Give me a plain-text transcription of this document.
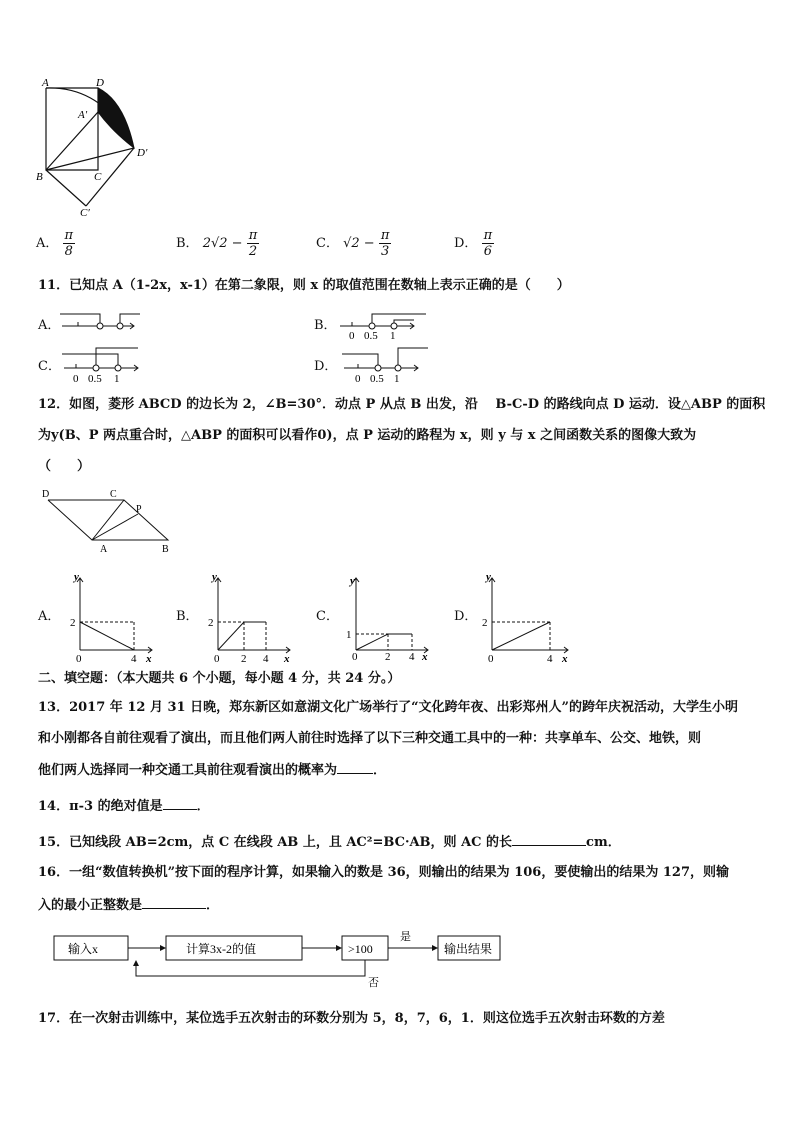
A	D
A′
D′
B	C
C′
A． $\frac{\pi}{8}$	B． $2√2 - \frac{\pi}{2}$	C． $√2 - \frac{\pi}{3}$	D． $\frac{\pi}{6}$
11．已知点 A（1-2x，x-1）在第二象限，则 x 的取值范围在数轴上表示正确的是（　　）
A．	B．
0 0.5 1
C．
0 0.5 1
D．
0 0.5 1
12．如图，菱形 ABCD 的边长为 2，∠B=30°．动点 P 从点 B 出发，沿　 B-C-D 的路线向点 D 运动．设△ABP 的面积
为y(B、P 两点重合时，△ABP 的面积可以看作0)，点 P 运动的路程为 x，则 y 与 x 之间函数关系的图像大致为
（　　）
D	C
P
A	B
A．
y
x
0
2
4
B．
y
x
0
2
2 4
C．
y
x
0
1
2 4
D．
y
x
0
2
4
二、填空题：（本大题共 6 个小题，每小题 4 分，共 24 分。）
13．2017 年 12 月 31 日晚，郑东新区如意湖文化广场举行了“文化跨年夜、出彩郑州人”的跨年庆祝活动，大学生小明
和小刚都各自前往观看了演出，而且他们两人前往时选择了以下三种交通工具中的一种：共享单车、公交、地铁，则
他们两人选择同一种交通工具前往观看演出的概率为	．
14．π-3 的绝对值是	．
15．已知线段 AB=2cm，点 C 在线段 AB 上，且 AC²=BC·AB，则 AC 的长	cm．
16．一组“数值转换机”按下面的程序计算，如果输入的数是 36，则输出的结果为 106，要使输出的结果为 127，则输
入的最小正整数是	．
输入x	计算3x-2的值	>100	输出结果
是
否
17．在一次射击训练中，某位选手五次射击的环数分别为 5，8，7，6，1．则这位选手五次射击环数的方差
